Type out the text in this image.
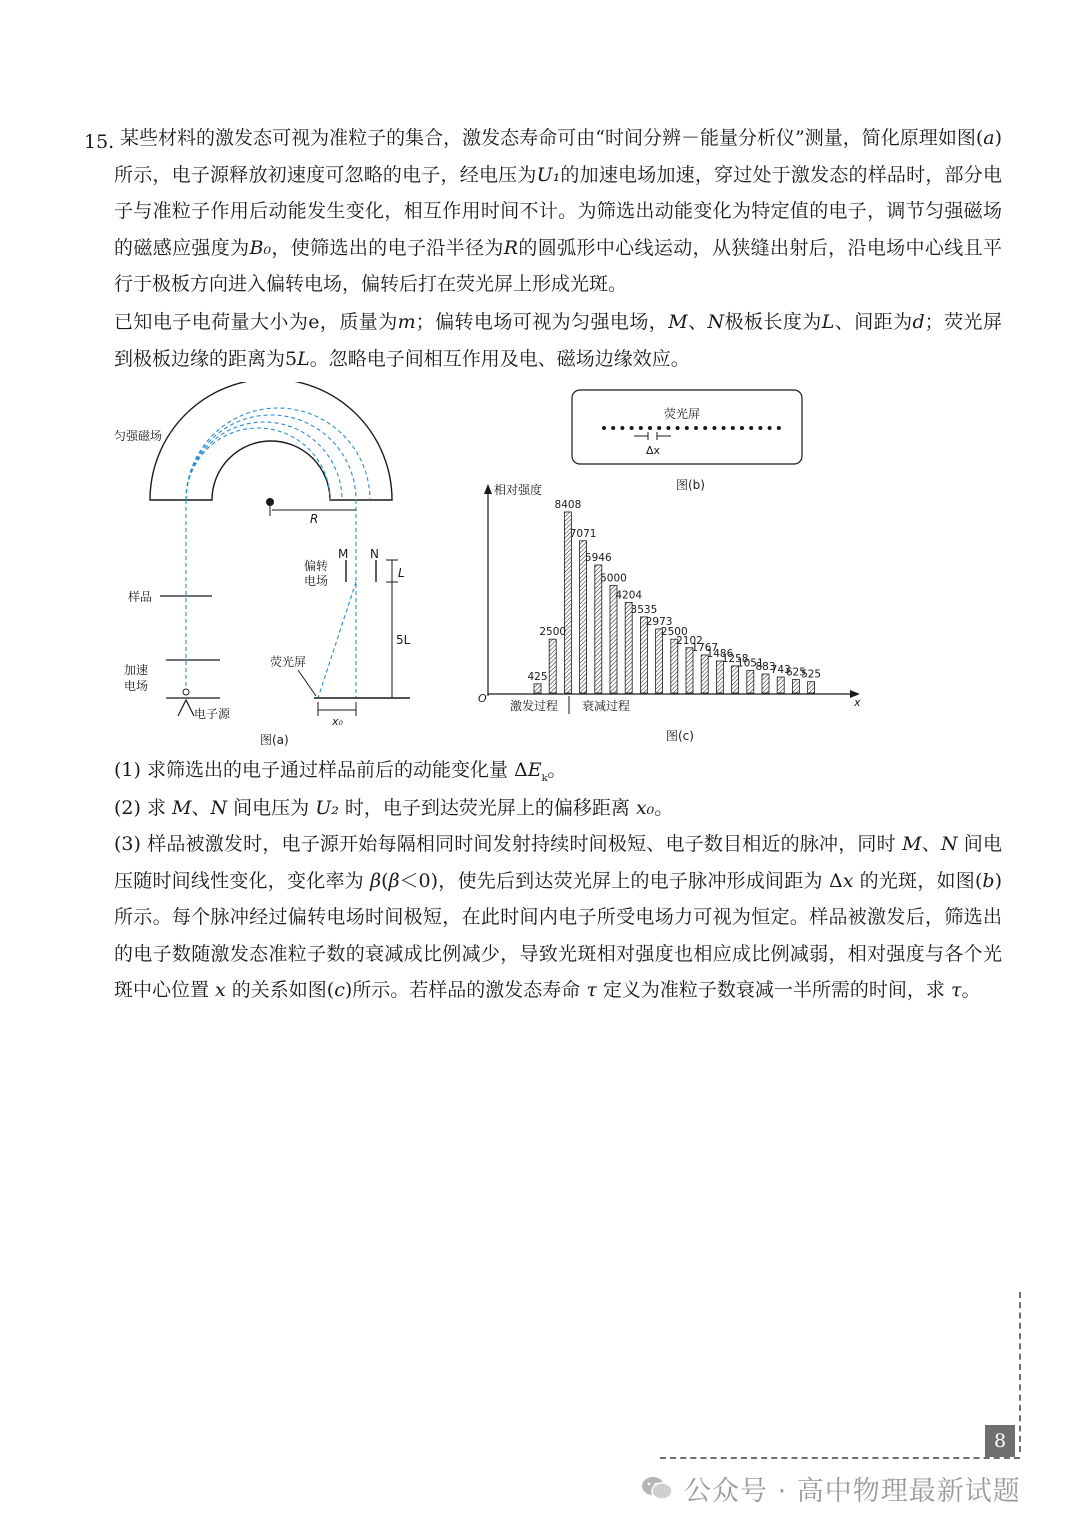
15. 某些材料的激发态可视为准粒子的集合，激发态寿命可由“时间分辨－能量分析仪”测量，简化原理如图(a)所示，电子源释放初速度可忽略的电子，经电压为U₁的加速电场加速，穿过处于激发态的样品时，部分电子与准粒子作用后动能发生变化，相互作用时间不计。为筛选出动能变化为特定值的电子，调节匀强磁场的磁感应强度为B₀，使筛选出的电子沿半径为R的圆弧形中心线运动，从狭缝出射后，沿电场中心线且平行于极板方向进入偏转电场，偏转后打在荧光屏上形成光斑。

已知电子电荷量大小为e，质量为m；偏转电场可视为匀强电场，M、N极板长度为L、间距为d；荧光屏到极板边缘的距离为5L。忽略电子间相互作用及电、磁场边缘效应。

匀强磁场
R
样品
加速
电场
电子源
M N
偏转
电场
L
5L
荧光屏
x₀
图(a)
荧光屏
Δx
图(b)
相对强度
x
O
425
2500
8408
7071
5946
5000
4204
3535
2973
2500
2102
1767
1486
1258
1051
883
743
625
525
激发过程 衰减过程
图(c)

(1) 求筛选出的电子通过样品前后的动能变化量 $\Delta E_{_k}$。

(2) 求 M、N 间电压为 U₂ 时，电子到达荧光屏上的偏移距离 x₀。

(3) 样品被激发时，电子源开始每隔相同时间发射持续时间极短、电子数目相近的脉冲，同时 M、N 间电压随时间线性变化，变化率为 β(β＜0)，使先后到达荧光屏上的电子脉冲形成间距为 Δx 的光斑，如图(b)所示。每个脉冲经过偏转电场时间极短，在此时间内电子所受电场力可视为恒定。样品被激发后，筛选出的电子数随激发态准粒子数的衰减成比例减少，导致光斑相对强度也相应成比例减弱，相对强度与各个光斑中心位置 x 的关系如图(c)所示。若样品的激发态寿命 τ 定义为准粒子数衰减一半所需的时间，求 τ。

8
公众号 · 高中物理最新试题
